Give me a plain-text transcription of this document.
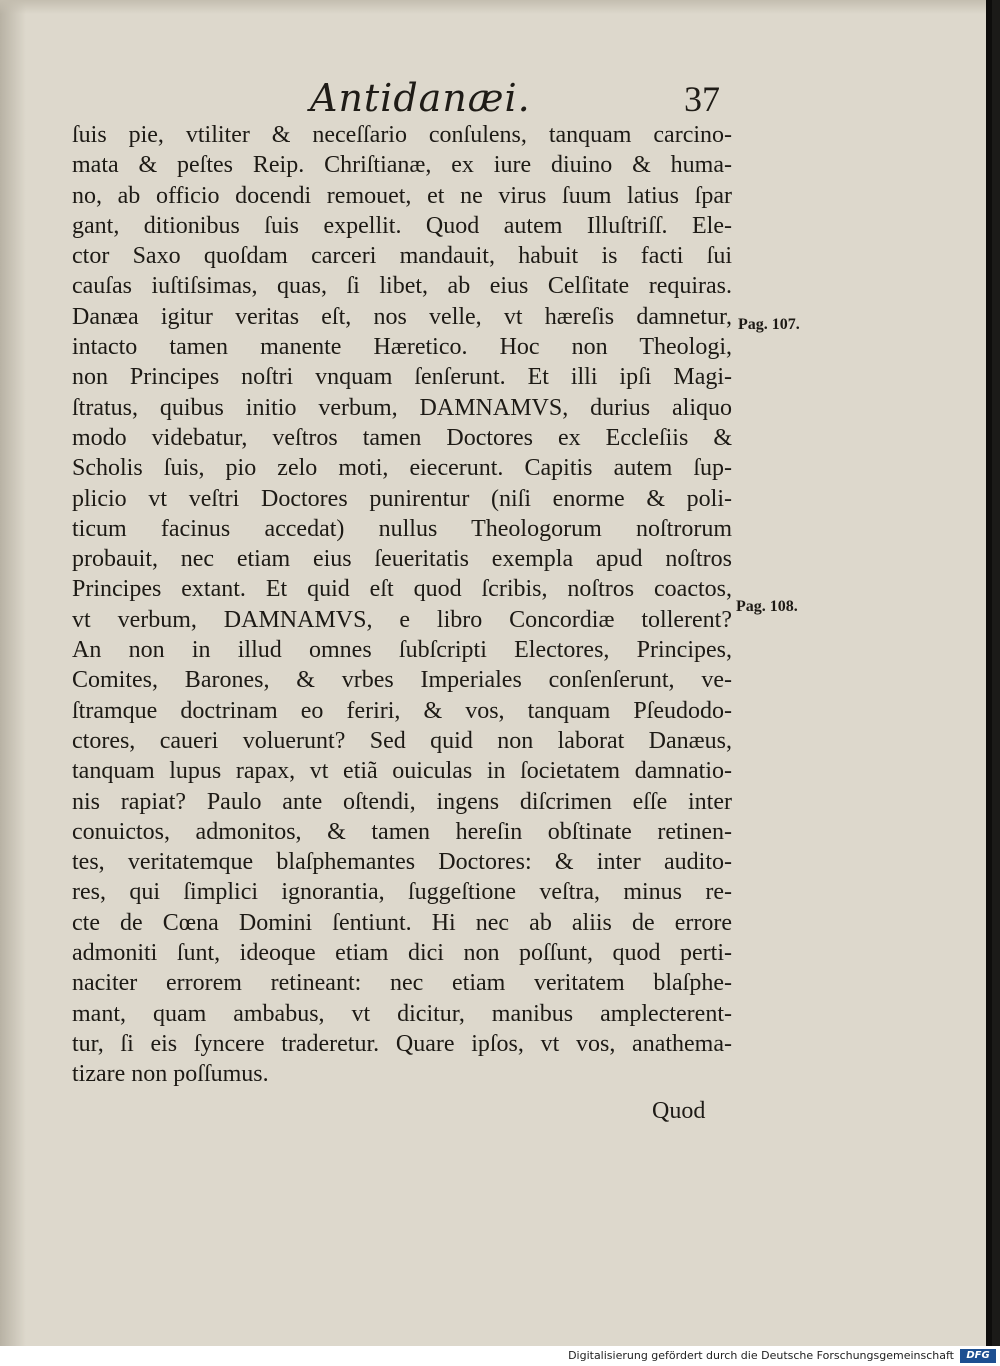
Antidanæi.	37
ſuis pie, vtiliter & neceſſario conſulens, tanquam carcino-
mata & peſtes Reip. Chriſtianæ, ex iure diuino & huma-
no, ab officio docendi remouet, et ne virus ſuum latius ſpar
gant, ditionibus ſuis expellit. Quod autem Illuſtriſſ. Ele-
ctor Saxo quoſdam carceri mandauit, habuit is facti ſui
cauſas iuſtiſsimas, quas, ſi libet, ab eius Celſitate requiras.
Danæa igitur veritas eſt, nos velle, vt hæreſis damnetur,
intacto tamen manente Hæretico. Hoc non Theologi,
non Principes noſtri vnquam ſenſerunt. Et illi ipſi Magi-
ſtratus, quibus initio verbum, DAMNAMVS, durius aliquo
modo videbatur, veſtros tamen Doctores ex Eccleſiis &
Scholis ſuis, pio zelo moti, eiecerunt. Capitis autem ſup-
plicio vt veſtri Doctores punirentur (niſi enorme & poli-
ticum facinus accedat) nullus Theologorum noſtrorum
probauit, nec etiam eius ſeueritatis exempla apud noſtros
Principes extant. Et quid eſt quod ſcribis, noſtros coactos,
vt verbum, DAMNAMVS, e libro Concordiæ tollerent?
An non in illud omnes ſubſcripti Electores, Principes,
Comites, Barones, & vrbes Imperiales conſenſerunt, ve-
ſtramque doctrinam eo feriri, & vos, tanquam Pſeudodo-
ctores, caueri voluerunt? Sed quid non laborat Danæus,
tanquam lupus rapax, vt etiã ouiculas in ſocietatem damnatio-
nis rapiat? Paulo ante oſtendi, ingens diſcrimen eſſe inter
conuictos, admonitos, & tamen hereſin obſtinate retinen-
tes, veritatemque blaſphemantes Doctores: & inter audito-
res, qui ſimplici ignorantia, ſuggeſtione veſtra, minus re-
cte de Cœna Domini ſentiunt. Hi nec ab aliis de errore
admoniti ſunt, ideoque etiam dici non poſſunt, quod perti-
naciter errorem retineant: nec etiam veritatem blaſphe-
mant, quam ambabus, vt dicitur, manibus amplecterent-
tur, ſi eis ſyncere traderetur. Quare ipſos, vt vos, anathema-
tizare non poſſumus.
Quod
Pag. 107.
Pag. 108.
Digitalisierung gefördert durch die Deutsche Forschungsgemeinschaft	DFG
